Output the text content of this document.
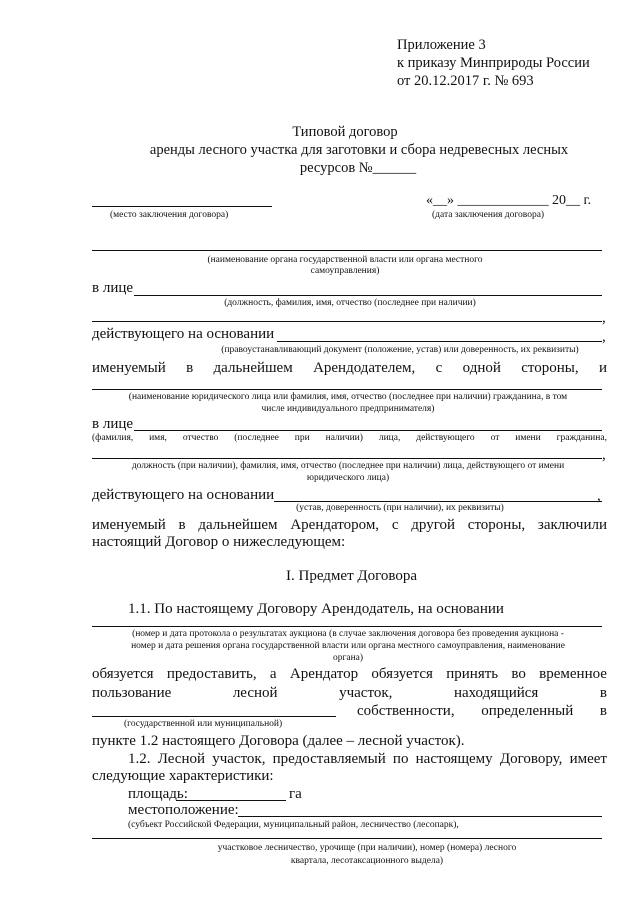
Приложение 3
к приказу Минприроды России
от 20.12.2017 г. № 693
Типовой договор
аренды лесного участка для заготовки и сбора недревесных лесных
ресурсов №______
«__» _____________ 20__ г.
(место заключения договора)	(дата заключения договора)
(наименование органа государственной власти или органа местного
самоуправления)
в лице
(должность, фамилия, имя, отчество (последнее при наличии)
,
действующего на основании	,
(правоустанавливающий документ (положение, устав) или доверенность, их реквизиты)
именуемый в дальнейшем Арендодателем, с одной стороны, и
(наименование юридического лица или фамилия, имя, отчество (последнее при наличии) гражданина, в том
числе индивидуального предпринимателя)
в лице
(фамилия, имя, отчество (последнее при наличии) лица, действующего от имени гражданина,
,
должность (при наличии), фамилия, имя, отчество (последнее при наличии) лица, действующего от имени
юридического лица)
действующего на основании	,
(устав, доверенность (при наличии), их реквизиты)
именуемый в дальнейшем Арендатором, с другой стороны, заключили
настоящий Договор о нижеследующем:
I. Предмет Договора
1.1. По настоящему Договору Арендодатель, на основании
(номер и дата протокола о результатах аукциона (в случае заключения договора без проведения аукциона -
номер и дата решения органа государственной власти или органа местного самоуправления, наименование
органа)
обязуется предоставить, а Арендатор обязуется принять во временное
пользование	лесной	участок,	находящийся	в
собственности, определенный в
(государственной или муниципальной)
пункте 1.2 настоящего Договора (далее – лесной участок).
1.2. Лесной участок, предоставляемый по настоящему Договору, имеет
следующие характеристики:
площадь:	га
местоположение:
(субъект Российской Федерации, муниципальный район, лесничество (лесопарк),
участковое лесничество, урочище (при наличии), номер (номера) лесного
квартала, лесотаксационного выдела)
